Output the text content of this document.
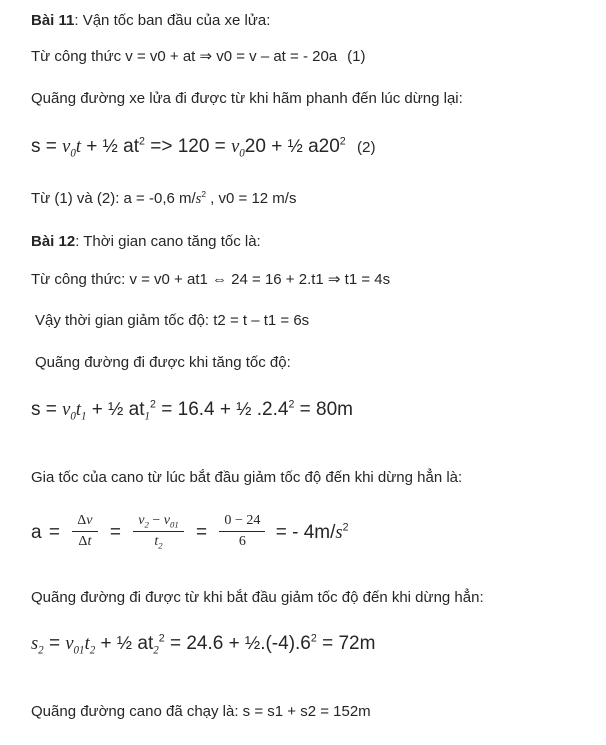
Bài 11: Vận tốc ban đầu của xe lửa:
Từ công thức v = v0 + at ⇒ v0 = v – at = - 20a (1)
Quãng đường xe lửa đi được từ khi hãm phanh đến lúc dừng lại:
$s = v_0t$ + ½ $at^2 => 120 = v_020$ + ½ $a20^2$ (2)
Từ (1) và (2): a = -0,6 $m/s^2$ , v0 = 12 m/s
Bài 12: Thời gian cano tăng tốc là:
Từ công thức: v = v0 + at1 ⇔ 24 = 16 + 2.t1 ⇒ t1 = 4s
Vậy thời gian giảm tốc độ: t2 = t – t1 = 6s
Quãng đường đi được khi tăng tốc độ:
$s = v_0t_1$ + ½ $at_1^2 = 16.4$ + ½ $.2.4^2 = 80m$
Gia tốc của cano từ lúc bắt đầu giảm tốc độ đến khi dừng hẳn là:
$a = \frac{\Delta v}{\Delta t} = \frac{v_2 - v_{01}}{t_2} = \frac{0 - 24}{6}$ = - $4m/s^2$
Quãng đường đi được từ khi bắt đầu giảm tốc độ đến khi dừng hẳn:
$s_2 = v_{01}t_2$ + ½ $at_2^2 = 24.6$ + $\frac{1}{2}.(-4).6^2 = 72m$
Quãng đường cano đã chạy là: s = s1 + s2 = 152m
